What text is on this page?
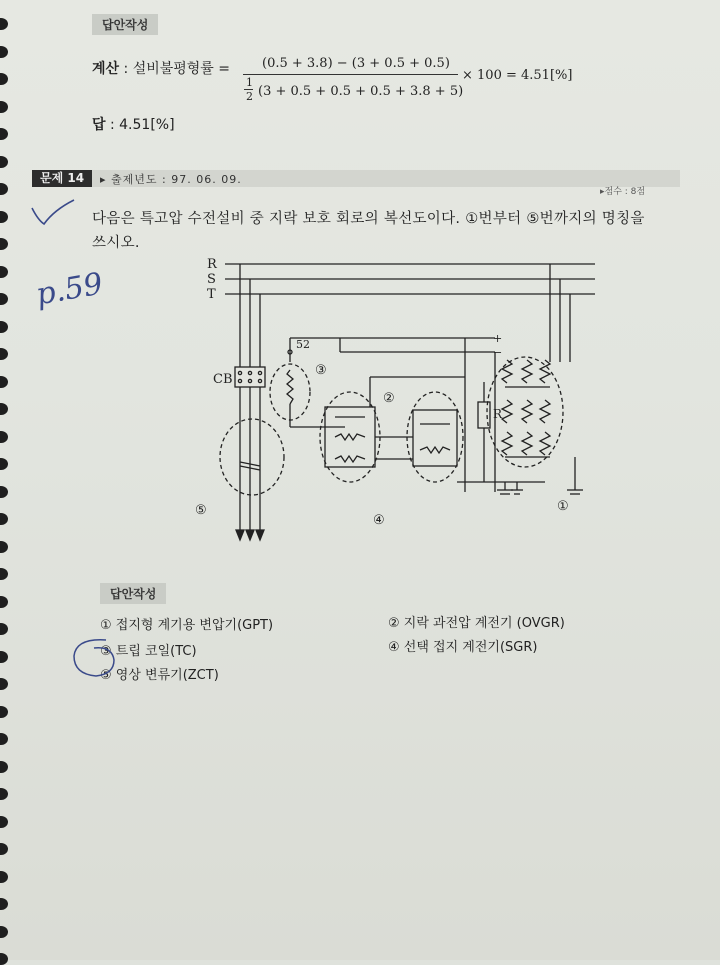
답안작성
계산 : 설비불평형률 = (0.5 + 3.8) − (3 + 0.5 + 0.5)
1
2 (3 + 0.5 + 0.5 + 0.5 + 3.8 + 5)
× 100 = 4.51[%]
답 : 4.51[%]
문제 14	▸ 출제년도 : 97. 06. 09.
▸점수 : 8점
p.59
다음은 특고압 수전설비 중 지락 보호 회로의 복선도이다. ①번부터 ⑤번까지의 명칭을
쓰시오.
R
S
T
CB
52	+
−
R
③
②
④
①
⑤
답안작성
① 접지형 계기용 변압기(GPT)	② 지락 과전압 계전기 (OVGR)
③ 트립 코일(TC)	④ 선택 접지 계전기(SGR)
⑤ 영상 변류기(ZCT)
